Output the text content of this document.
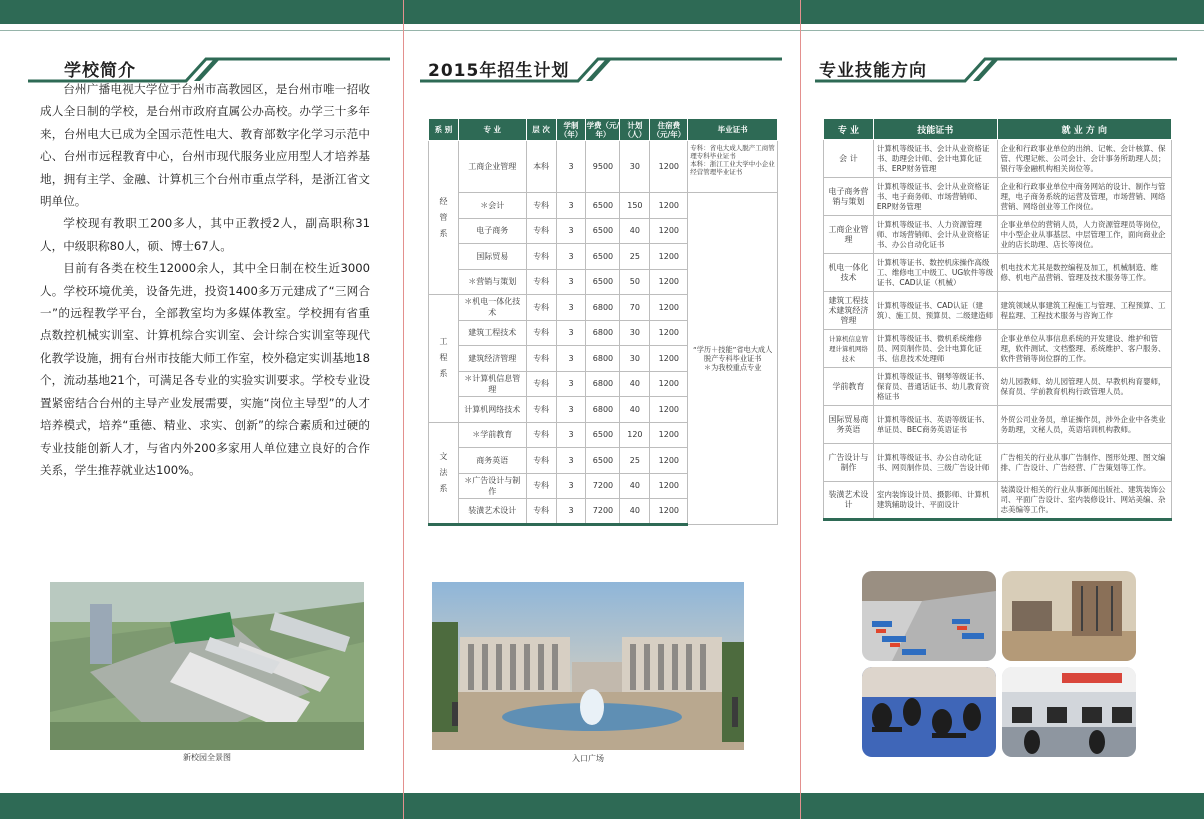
学校简介

台州广播电视大学位于台州市高教园区，是台州市唯一招收成人全日制的学校，是台州市政府直属公办高校。办学三十多年来，台州电大已成为全国示范性电大、教育部数字化学习示范中心、台州市远程教育中心，台州市现代服务业应用型人才培养基地，拥有主学、金融、计算机三个台州市重点学科，是浙江省文明单位。

学校现有教职工200多人，其中正教授2人，副高职称31人，中级职称80人，硕、博士67人。

目前有各类在校生12000余人，其中全日制在校生近3000人。学校环境优美，设备先进，投资1400多万元建成了“三网合一”的远程教学平台，全部教室均为多媒体教室。学校拥有省重点数控机械实训室、计算机综合实训室、会计综合实训室等现代化教学设施，拥有台州市技能大师工作室，校外稳定实训基地18个，流动基地21个，可满足各专业的实验实训要求。学校专业设置紧密结合台州的主导产业发展需要，实施“岗位主导型”的人才培养模式，培养“重德、精业、求实、创新”的综合素质和过硬的专业技能创新人才，与省内外200多家用人单位建立良好的合作关系，学生推荐就业达100%。

新校园全景图
2015年招生计划
系 别	专 业	层 次	学制（年）	学费（元/年）	计划（人）	住宿费（元/年）	毕业证书
经管系	工商企业管理	本科	3	9500	30	1200	专科：省电大成人脱产工商管理专科毕业证书
本科：浙江工业大学中小企业经营管理毕业证书
	＊会计	专科	3	6500	150	1200	“学历＋技能”省电大成人脱产专科毕业证书
＊为我校重点专业
	电子商务	专科	3	6500	40	1200	
	国际贸易	专科	3	6500	25	1200	
	＊营销与策划	专科	3	6500	50	1200	
工程系	＊机电一体化技术	专科	3	6800	70	1200	
	建筑工程技术	专科	3	6800	30	1200	
	建筑经济管理	专科	3	6800	30	1200	
	＊计算机信息管理	专科	3	6800	40	1200	
	计算机网络技术	专科	3	6800	40	1200	
文法系	＊学前教育	专科	3	6500	120	1200	
	商务英语	专科	3	6500	25	1200	
	＊广告设计与制作	专科	3	7200	40	1200	
	装潢艺术设计	专科	3	7200	40	1200	
入口广场
专业技能方向
专 业	技能证书	就 业 方 向
会 计	计算机等级证书、会计从业资格证书、助理会计师、会计电算化证书、ERP财务管理	企业和行政事业单位的出纳、记帐、会计核算、保管、代理记帐、公司会计、会计事务所助理人员；银行等金融机构相关岗位等。
电子商务营销与策划	计算机等级证书、会计从业资格证书、电子商务师、市场营销师、ERP财务管理	企业和行政事业单位中商务网站的设计、制作与管理，电子商务系统的运营及管理，市场营销、网络营销、网络创业等工作岗位。
工商企业管理	计算机等级证书、人力资源管理师、市场营销师、会计从业资格证书、办公自动化证书	企事业单位的营销人员，人力资源管理员等岗位，中小型企业从事基层、中层管理工作，面向商业企业的店长助理、店长等岗位。
机电一体化技术	计算机等证书、数控机床操作高级工、维修电工中级工、UG软件等级证书、CAD认证（机械）	机电技术尤其是数控编程及加工，机械制造、维修、机电产品营销、管理及技术服务等工作。
建筑工程技术建筑经济管理	计算机等级证书、CAD认证（建筑）、施工员、预算员、二级建造师	建筑领域从事建筑工程施工与管理、工程预算、工程监理、工程技术服务与咨询工作
计算机信息管理计算机网络技术	计算机等级证书、微机系统维修员、网页制作员、会计电算化证书、信息技术处理师	企事业单位从事信息系统的开发建设、维护和管理，软件测试、文档整理、系统维护、客户服务、软件营销等岗位群的工作。
学前教育	计算机等级证书、钢琴等级证书、保育员、普通话证书、幼儿教育资格证书	幼儿园教师、幼儿园管理人员、早教机构育婴师，保育员、学前教育机构行政管理人员。
国际贸易商务英语	计算机等级证书、英语等级证书、单证员、BEC商务英语证书	外贸公司业务员，单证操作员，涉外企业中各类业务助理，文秘人员，英语培训机构教师。
广告设计与制作	计算机等级证书、办公自动化证书、网页制作员、三级广告设计师	广告相关的行业从事广告制作、图形处理、图文编排、广告设计、广告经营、广告策划等工作。
装潢艺术设计	室内装饰设计员、摄影师、计算机建筑辅助设计、平面设计	装潢设计相关的行业从事新闻出版社、建筑装饰公司、平面广告设计、室内装修设计、网站美编、杂志美编等工作。
